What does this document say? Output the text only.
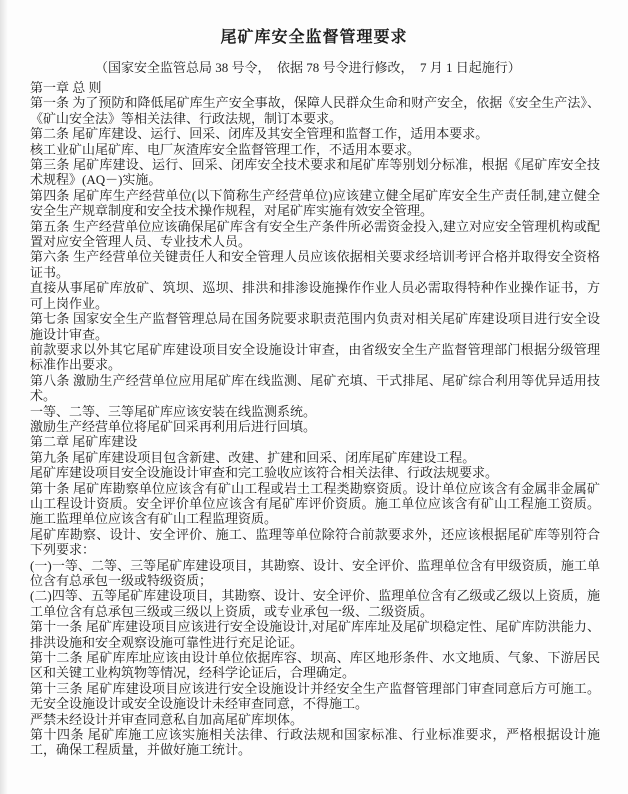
尾矿库安全监督管理要求
（国家安全监管总局 38 号令，  依据 78 号令进行修改，  7 月 1 日起施行）
第一章 总 则
第一条 为了预防和降低尾矿库生产安全事故，保障人民群众生命和财产安全，依据《安全生产法》、《矿山安全法》等相关法律、行政法规，制订本要求。
第二条 尾矿库建设、运行、回采、闭库及其安全管理和监督工作，适用本要求。
核工业矿山尾矿库、电厂灰渣库安全监督管理工作，不适用本要求。
第三条 尾矿库建设、运行、回采、闭库安全技术要求和尾矿库等别划分标准，根据《尾矿库安全技术规程》(AQ－)实施。
第四条 尾矿库生产经营单位(以下简称生产经营单位)应该建立健全尾矿库安全生产责任制,建立健全安全生产规章制度和安全技术操作规程，对尾矿库实施有效安全管理。
第五条 生产经营单位应该确保尾矿库含有安全生产条件所必需资金投入,建立对应安全管理机构或配置对应安全管理人员、专业技术人员。
第六条 生产经营单位关键责任人和安全管理人员应该依据相关要求经培训考评合格并取得安全资格证书。
直接从事尾矿库放矿、筑坝、巡坝、排洪和排渗设施操作作业人员必需取得特种作业操作证书，方可上岗作业。
第七条 国家安全生产监督管理总局在国务院要求职责范围内负责对相关尾矿库建设项目进行安全设施设计审查。
前款要求以外其它尾矿库建设项目安全设施设计审查，由省级安全生产监督管理部门根据分级管理标准作出要求。
第八条 激励生产经营单位应用尾矿库在线监测、尾矿充填、干式排尾、尾矿综合利用等优异适用技术。
一等、二等、三等尾矿库应该安装在线监测系统。
激励生产经营单位将尾矿回采再利用后进行回填。
第二章 尾矿库建设
第九条 尾矿库建设项目包含新建、改建、扩建和回采、闭库尾矿库建设工程。
尾矿库建设项目安全设施设计审查和完工验收应该符合相关法律、行政法规要求。
第十条 尾矿库勘察单位应该含有矿山工程或岩土工程类勘察资质。设计单位应该含有金属非金属矿山工程设计资质。安全评价单位应该含有尾矿库评价资质。施工单位应该含有矿山工程施工资质。施工监理单位应该含有矿山工程监理资质。
尾矿库勘察、设计、安全评价、施工、监理等单位除符合前款要求外，还应该根据尾矿库等别符合下列要求：
(一)一等、二等、三等尾矿库建设项目，其勘察、设计、安全评价、监理单位含有甲级资质，施工单位含有总承包一级或特级资质；
(二)四等、五等尾矿库建设项目，其勘察、设计、安全评价、监理单位含有乙级或乙级以上资质，施工单位含有总承包三级或三级以上资质，或专业承包一级、二级资质。
第十一条 尾矿库建设项目应该进行安全设施设计,对尾矿库库址及尾矿坝稳定性、尾矿库防洪能力、排洪设施和安全观察设施可靠性进行充足论证。
第十二条 尾矿库库址应该由设计单位依据库容、坝高、库区地形条件、水文地质、气象、下游居民区和关键工业构筑物等情况，经科学论证后，合理确定。
第十三条 尾矿库建设项目应该进行安全设施设计并经安全生产监督管理部门审查同意后方可施工。无安全设施设计或安全设施设计未经审查同意，不得施工。
严禁未经设计并审查同意私自加高尾矿库坝体。
第十四条 尾矿库施工应该实施相关法律、行政法规和国家标准、行业标准要求，严格根据设计施工，确保工程质量，并做好施工统计。
